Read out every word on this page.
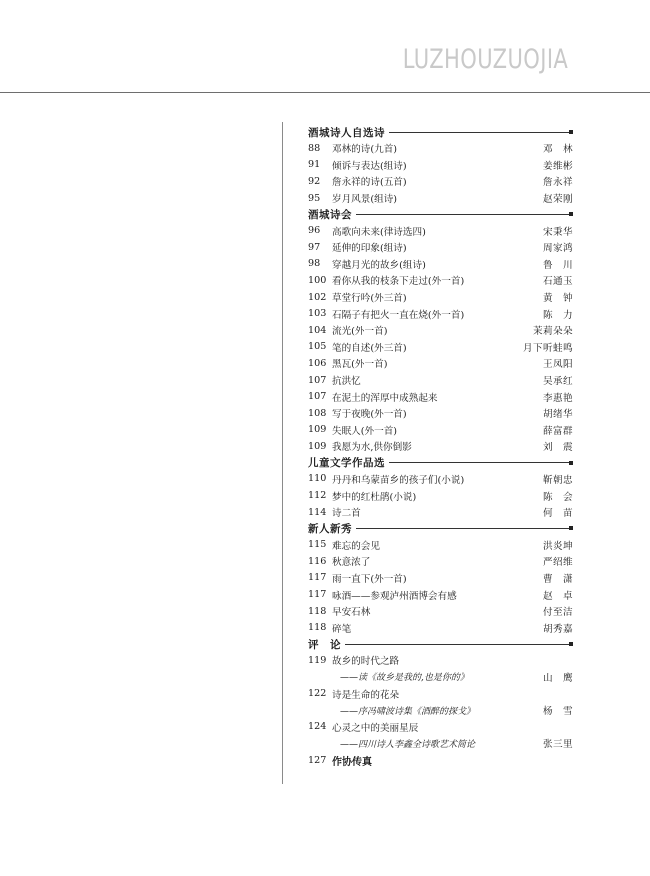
LUZHOUZUOJIA
酒城诗人自选诗
88	邓林的诗(九首)	邓　林
91	倾诉与表达(组诗)	姜维彬
92	詹永祥的诗(五首)	詹永祥
95	岁月风景(组诗)	赵荣刚
酒城诗会
96	高歌向未来(律诗选四)	宋秉华
97	延伸的印象(组诗)	周家鸿
98	穿越月光的故乡(组诗)	鲁　川
100 看你从我的枝条下走过(外一首)	石通玉
102 草堂行吟(外三首)	黄　钟
103 石隔子有把火一直在烧(外一首)	陈　力
104 流光(外一首)	茉莉朵朵
105 笔的自述(外三首)	月下听蛙鸣
106 黑瓦(外一首)	王凤阳
107 抗洪忆	吴承红
107 在泥土的浑厚中成熟起来	李惠艳
108 写于夜晚(外一首)	胡绪华
109 失眠人(外一首)	薛富群
109 我愿为水,供你倒影	刘　震
儿童文学作品选
110 丹丹和乌蒙苗乡的孩子们(小说)	靳朝忠
112 梦中的红杜鹃(小说)	陈　会
114 诗二首	何　苗
新人新秀
115 难忘的会见	洪炎坤
116 秋意浓了	严绍维
117 雨一直下(外一首)	曹　潇
117 咏酒——参观泸州酒博会有感	赵　卓
118 早安石林	付至洁
118 碎笔	胡秀嘉
评　论
119 故乡的时代之路
——读《故乡是我的,也是你的》	山　鹰
122 诗是生命的花朵
——序冯啸波诗集《酒醉的探戈》	杨　雪
124 心灵之中的美丽星辰
——四川诗人李鑫全诗歌艺术简论	张三里
127 作协传真
